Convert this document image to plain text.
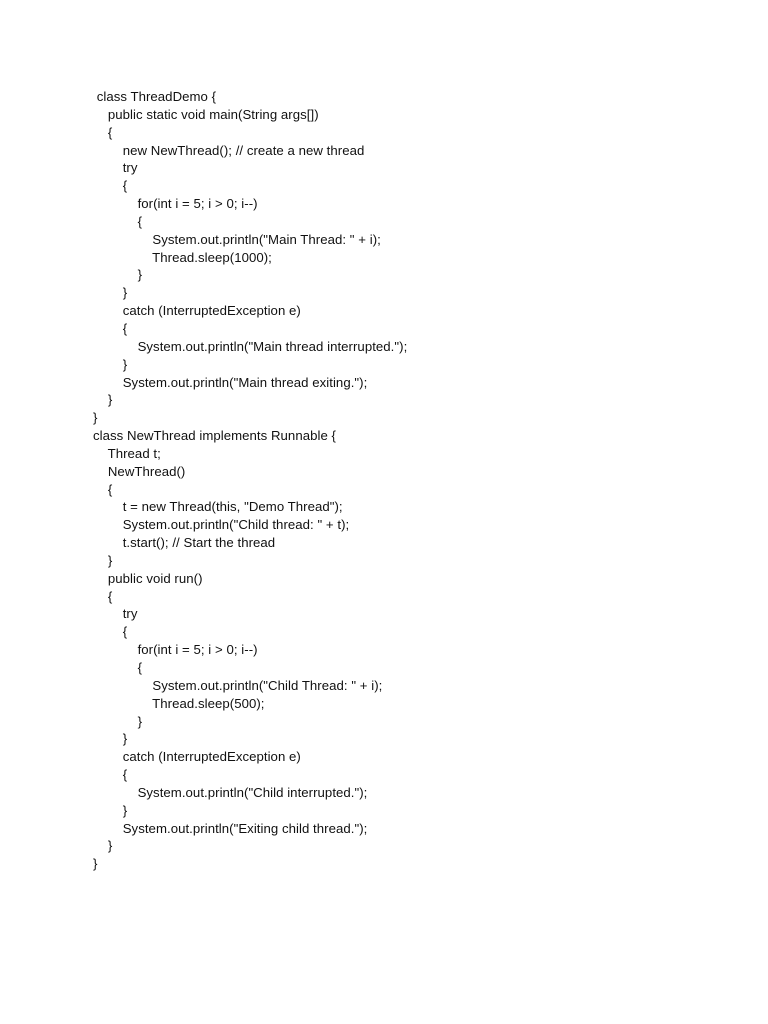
class ThreadDemo {
public static void main(String args[])
{
new NewThread(); // create a new thread
try
{
for(int i = 5; i > 0; i--)
{
System.out.println("Main Thread: " + i);
Thread.sleep(1000);
}
}
catch (InterruptedException e)
{
System.out.println("Main thread interrupted.");
}
System.out.println("Main thread exiting.");
}
}
class NewThread implements Runnable {
Thread t;
NewThread()
{
t = new Thread(this, "Demo Thread");
System.out.println("Child thread: " + t);
t.start(); // Start the thread
}
public void run()
{
try
{
for(int i = 5; i > 0; i--)
{
System.out.println("Child Thread: " + i);
Thread.sleep(500);
}
}
catch (InterruptedException e)
{
System.out.println("Child interrupted.");
}
System.out.println("Exiting child thread.");
}
}
